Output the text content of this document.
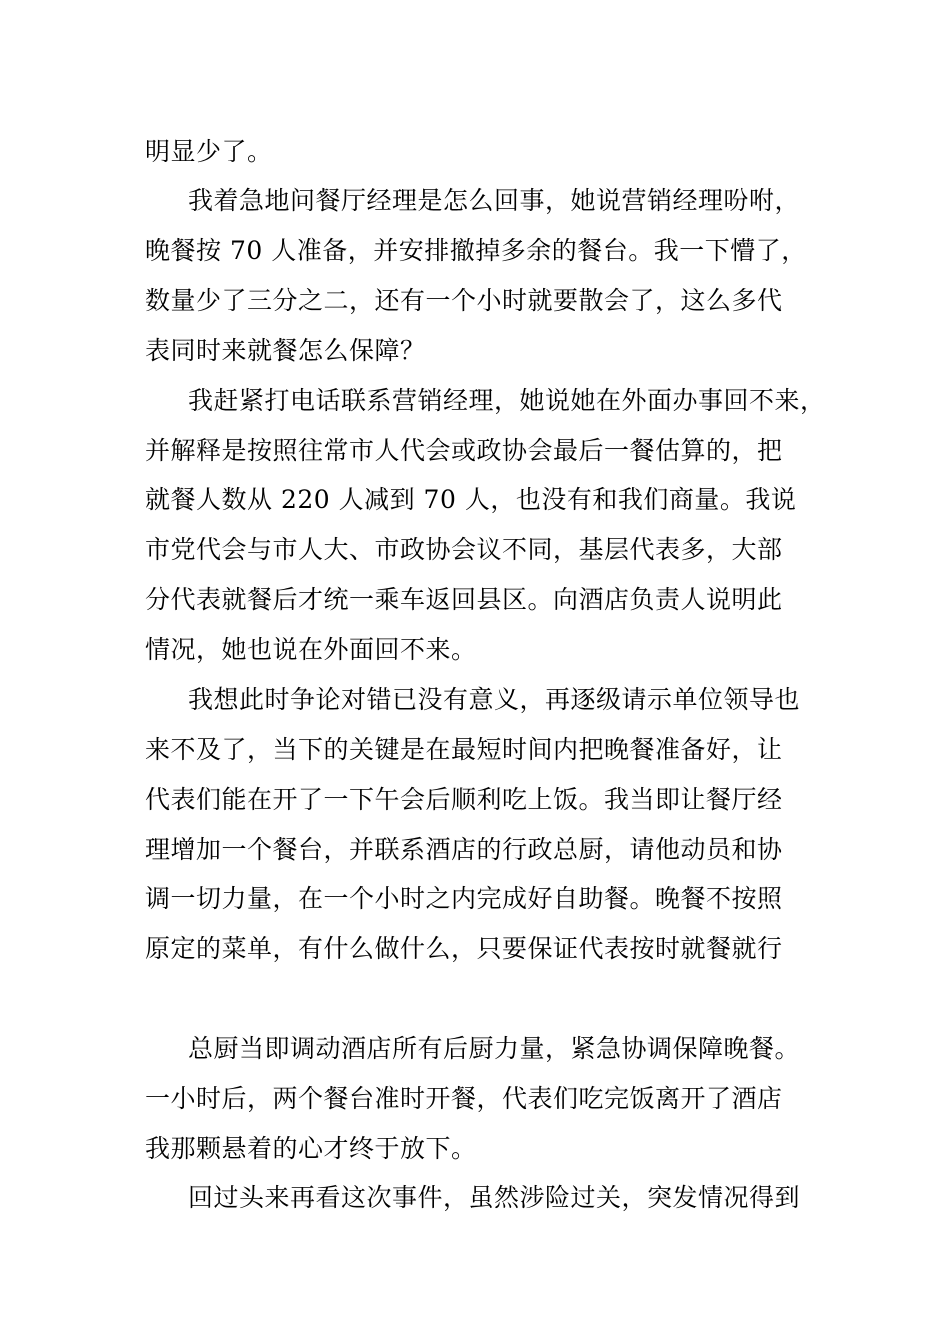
明显少了。
我着急地问餐厅经理是怎么回事，她说营销经理吩咐，
晚餐按 70 人准备，并安排撤掉多余的餐台。我一下懵了，
数量少了三分之二，还有一个小时就要散会了，这么多代
表同时来就餐怎么保障？
我赶紧打电话联系营销经理，她说她在外面办事回不来，
并解释是按照往常市人代会或政协会最后一餐估算的，把
就餐人数从 220 人减到 70 人，也没有和我们商量。我说
市党代会与市人大、市政协会议不同，基层代表多，大部
分代表就餐后才统一乘车返回县区。向酒店负责人说明此
情况，她也说在外面回不来。
我想此时争论对错已没有意义，再逐级请示单位领导也
来不及了，当下的关键是在最短时间内把晚餐准备好，让
代表们能在开了一下午会后顺利吃上饭。我当即让餐厅经
理增加一个餐台，并联系酒店的行政总厨，请他动员和协
调一切力量，在一个小时之内完成好自助餐。晚餐不按照
原定的菜单，有什么做什么，只要保证代表按时就餐就行
总厨当即调动酒店所有后厨力量，紧急协调保障晚餐。
一小时后，两个餐台准时开餐，代表们吃完饭离开了酒店
我那颗悬着的心才终于放下。
回过头来再看这次事件，虽然涉险过关，突发情况得到
